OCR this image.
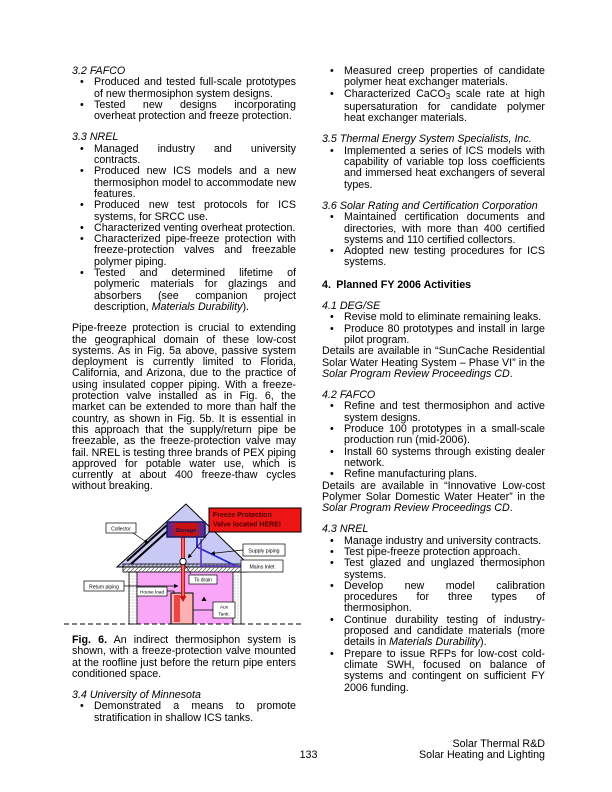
3.2 FAFCO
• Produced and tested full-scale prototypes of new thermosiphon system designs.
• Tested new designs incorporating overheat protection and freeze protection.
3.3 NREL
• Managed industry and university contracts.
• Produced new ICS models and a new thermosiphon model to accommodate new features.
• Produced new test protocols for ICS systems, for SRCC use.
• Characterized venting overheat protection.
• Characterized pipe-freeze protection with freeze-protection valves and freezable polymer piping.
• Tested and determined lifetime of polymeric materials for glazings and absorbers (see companion project description, Materials Durability).
Pipe-freeze protection is crucial to extending the geographical domain of these low-cost systems. As in Fig. 5a above, passive system deployment is currently limited to Florida, California, and Arizona, due to the practice of using insulated copper piping. With a freeze-protection valve installed as in Fig. 6, the market can be extended to more than half the country, as shown in Fig. 5b. It is essential in this approach that the supply/return pipe be freezable, as the freeze-protection valve may fail. NREL is testing three brands of PEX piping approved for potable water use, which is currently at about 400 freeze-thaw cycles without breaking.
Storage
Freeze Protection
Valve located HERE!
Collector
Supply piping
Mains Inlet
To drain
Return piping
House load
Aux
Tank.
Fig. 6. An indirect thermosiphon system is shown, with a freeze-protection valve mounted at the roofline just before the return pipe enters conditioned space.
3.4 University of Minnesota
• Demonstrated a means to promote stratification in shallow ICS tanks.
• Measured creep properties of candidate polymer heat exchanger materials.
• Characterized CaCO$_3$ scale rate at high supersaturation for candidate polymer heat exchanger materials.
3.5 Thermal Energy System Specialists, Inc.
• Implemented a series of ICS models with capability of variable top loss coefficients and immersed heat exchangers of several types.
3.6 Solar Rating and Certification Corporation
• Maintained certification documents and directories, with more than 400 certified systems and 110 certified collectors.
• Adopted new testing procedures for ICS systems.
4. Planned FY 2006 Activities
4.1 DEG/SE
• Revise mold to eliminate remaining leaks.
• Produce 80 prototypes and install in large pilot program.
Details are available in “SunCache Residential Solar Water Heating System – Phase VI” in the Solar Program Review Proceedings CD.
4.2 FAFCO
• Refine and test thermosiphon and active system designs.
• Produce 100 prototypes in a small-scale production run (mid-2006).
• Install 60 systems through existing dealer network.
• Refine manufacturing plans.
Details are available in “Innovative Low-cost Polymer Solar Domestic Water Heater” in the Solar Program Review Proceedings CD.
4.3 NREL
• Manage industry and university contracts.
• Test pipe-freeze protection approach.
• Test glazed and unglazed thermosiphon systems.
• Develop new model calibration procedures for three types of thermosiphon.
• Continue durability testing of industry-proposed and candidate materials (more details in Materials Durability).
• Prepare to issue RFPs for low-cost cold-climate SWH, focused on balance of systems and contingent on sufficient FY 2006 funding.
Solar Thermal R&D
133	Solar Heating and Lighting
